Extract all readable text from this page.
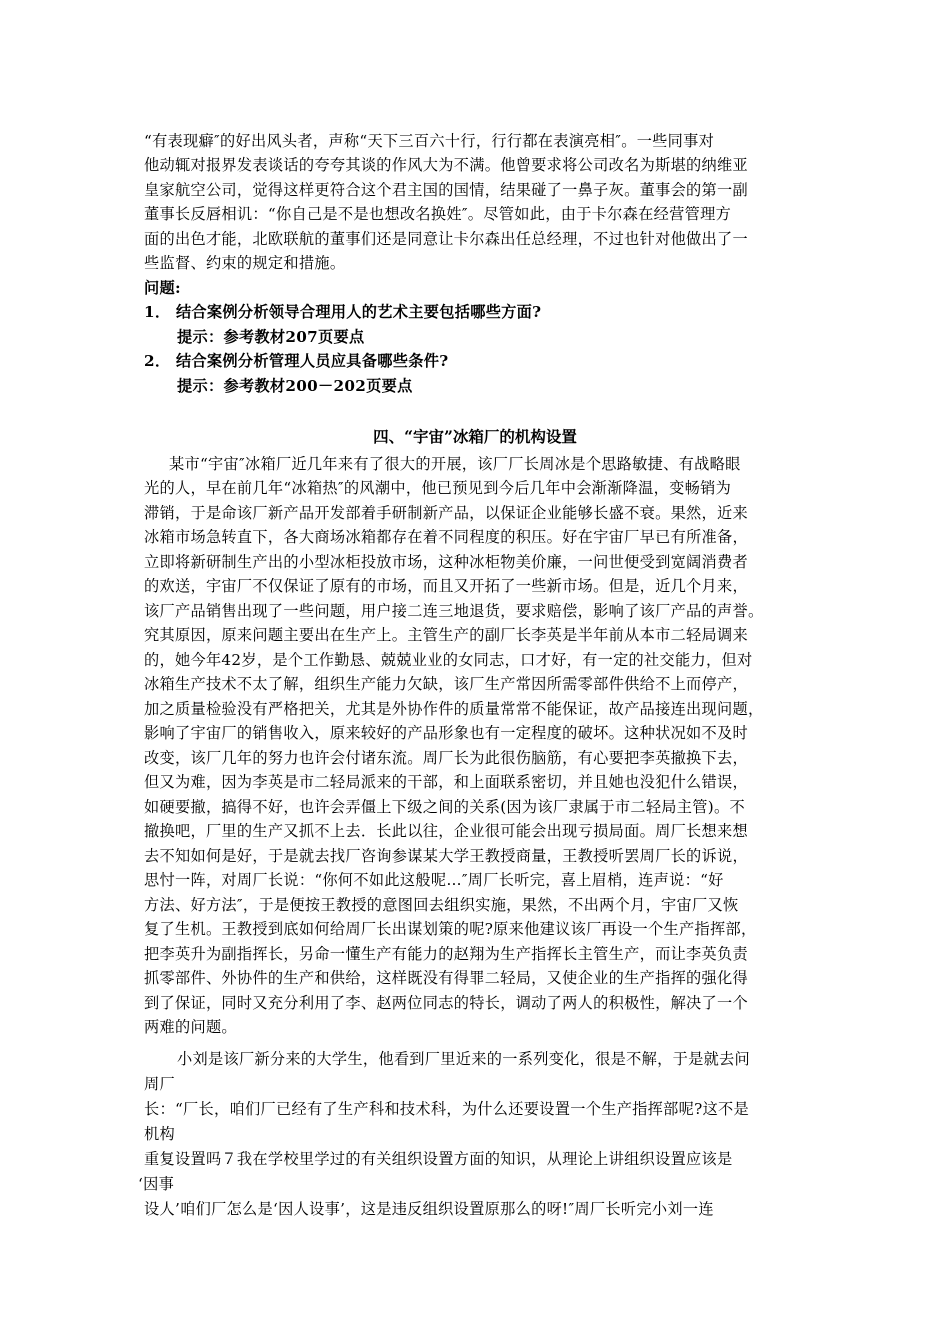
“有表现癖″的好出风头者，声称“天下三百六十行，行行都在表演亮相″。一些同事对
他动辄对报界发表谈话的夸夸其谈的作风大为不满。他曾要求将公司改名为斯堪的纳维亚
皇家航空公司，觉得这样更符合这个君主国的国情，结果碰了一鼻子灰。董事会的第一副
董事长反唇相讥：“你自己是不是也想改名换姓″。尽管如此，由于卡尔森在经营管理方
面的出色才能，北欧联航的董事们还是同意让卡尔森出任总经理，不过也针对他做出了一
些监督、约束的规定和措施。
问题:
1． 结合案例分析领导合理用人的艺术主要包括哪些方面?
提示：参考教材207页要点
2． 结合案例分析管理人员应具备哪些条件?
提示：参考教材200－202页要点
四、“宇宙”冰箱厂的机构设置
某市“宇宙″冰箱厂近几年来有了很大的开展，该厂厂长周冰是个思路敏捷、有战略眼
光的人，早在前几年“冰箱热″的风潮中，他已预见到今后几年中会渐渐降温，变畅销为
滞销，于是命该厂新产品开发部着手研制新产品，以保证企业能够长盛不衰。果然，近来
冰箱市场急转直下，各大商场冰箱都存在着不同程度的积压。好在宇宙厂早已有所准备，
立即将新研制生产出的小型冰柜投放市场，这种冰柜物美价廉，一问世便受到宽阔消费者
的欢送，宇宙厂不仅保证了原有的市场，而且又开拓了一些新市场。但是，近几个月来，
该厂产品销售出现了一些问题，用户接二连三地退货，要求赔偿，影响了该厂产品的声誉。
究其原因，原来问题主要出在生产上。主管生产的副厂长李英是半年前从本市二轻局调来
的，她今年42岁，是个工作勤恳、兢兢业业的女同志，口才好，有一定的社交能力，但对
冰箱生产技术不太了解，组织生产能力欠缺，该厂生产常因所需零部件供给不上而停产，
加之质量检验没有严格把关，尤其是外协作件的质量常常不能保证，故产品接连出现问题，
影响了宇宙厂的销售收入，原来较好的产品形象也有一定程度的破坏。这种状况如不及时
改变，该厂几年的努力也许会付诸东流。周厂长为此很伤脑筋，有心要把李英撤换下去，
但又为难，因为李英是市二轻局派来的干部，和上面联系密切，并且她也没犯什么错误，
如硬要撤，搞得不好，也许会弄僵上下级之间的关系(因为该厂隶属于市二轻局主管)。不
撤换吧，厂里的生产又抓不上去．长此以往，企业很可能会出现亏损局面。周厂长想来想
去不知如何是好，于是就去找厂咨询参谋某大学王教授商量，王教授听罢周厂长的诉说，
思忖一阵，对周厂长说：“你何不如此这般呢…″周厂长听完，喜上眉梢，连声说：“好
方法、好方法″，于是便按王教授的意图回去组织实施，果然，不出两个月，宇宙厂又恢
复了生机。王教授到底如何给周厂长出谋划策的呢?原来他建议该厂再设一个生产指挥部，
把李英升为副指挥长，另命一懂生产有能力的赵翔为生产指挥长主管生产，而让李英负责
抓零部件、外协件的生产和供给，这样既没有得罪二轻局，又使企业的生产指挥的强化得
到了保证，同时又充分利用了李、赵两位同志的特长，调动了两人的积极性，解决了一个
两难的问题。
小刘是该厂新分来的大学生，他看到厂里近来的一系列变化，很是不解，于是就去问
周厂
长：“厂长，咱们厂已经有了生产科和技术科，为什么还要设置一个生产指挥部呢?这不是
机构
重复设置吗７我在学校里学过的有关组织设置方面的知识，从理论上讲组织设置应该是
‘因事
设人’咱们厂怎么是‘因人设事’，这是违反组织设置原那么的呀!″周厂长听完小刘一连
